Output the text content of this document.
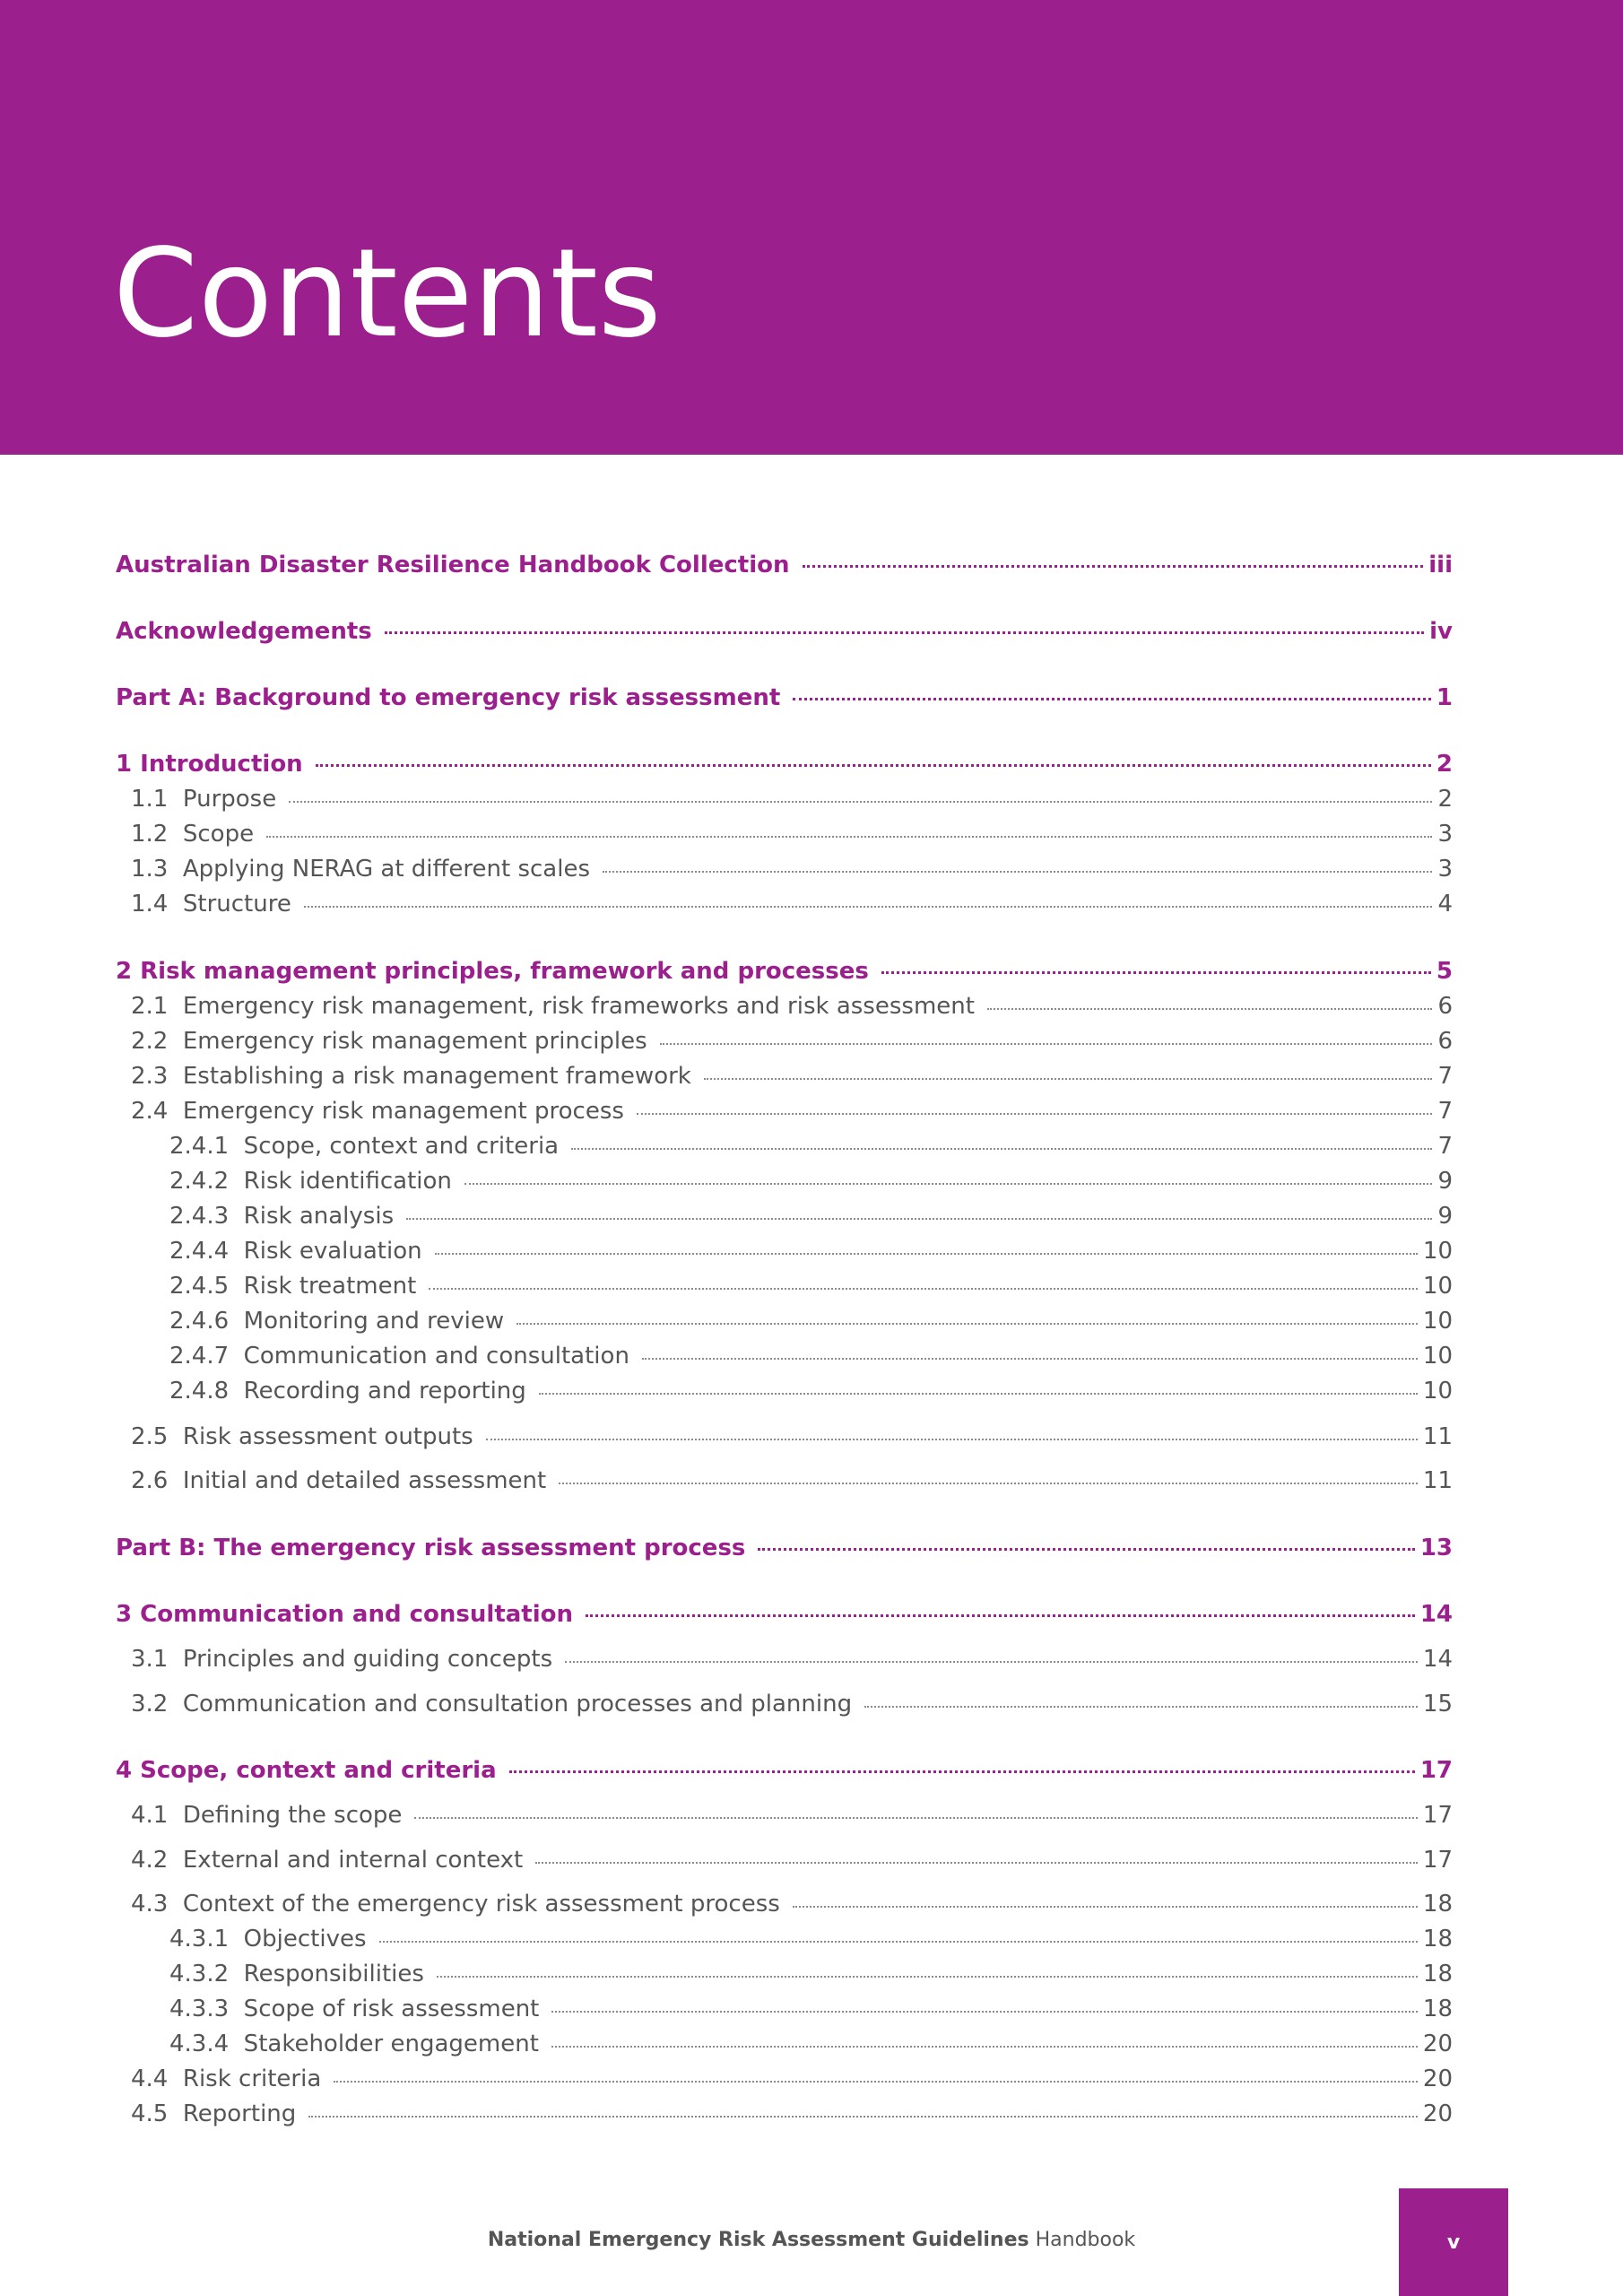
Contents
Australian Disaster Resilience Handbook Collection	iii
Acknowledgements	iv
Part A: Background to emergency risk assessment	1
1 Introduction	2
1.1  Purpose	2
1.2  Scope	3
1.3  Applying NERAG at different scales	3
1.4  Structure	4
2 Risk management principles, framework and processes	5
2.1  Emergency risk management, risk frameworks and risk assessment	6
2.2  Emergency risk management principles	6
2.3  Establishing a risk management framework	7
2.4  Emergency risk management process	7
2.4.1  Scope, context and criteria	7
2.4.2  Risk identification	9
2.4.3  Risk analysis	9
2.4.4  Risk evaluation	10
2.4.5  Risk treatment	10
2.4.6  Monitoring and review	10
2.4.7  Communication and consultation	10
2.4.8  Recording and reporting	10
2.5  Risk assessment outputs	11
2.6  Initial and detailed assessment	11
Part B: The emergency risk assessment process	13
3 Communication and consultation	14
3.1  Principles and guiding concepts	14
3.2  Communication and consultation processes and planning	15
4 Scope, context and criteria	17
4.1  Defining the scope	17
4.2  External and internal context	17
4.3  Context of the emergency risk assessment process	18
4.3.1  Objectives	18
4.3.2  Responsibilities	18
4.3.3  Scope of risk assessment	18
4.3.4  Stakeholder engagement	20
4.4  Risk criteria	20
4.5  Reporting	20
National Emergency Risk Assessment Guidelines Handbook	v
